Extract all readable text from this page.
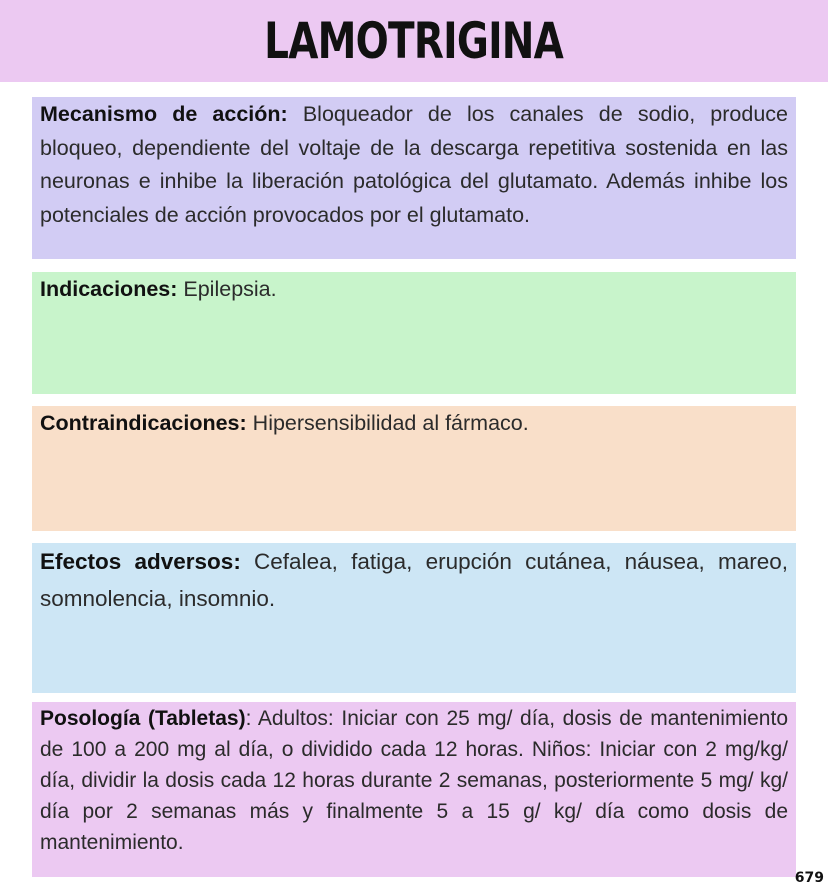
LAMOTRIGINA
Mecanismo de acción: Bloqueador de los canales de sodio, produce bloqueo, dependiente del voltaje de la descarga repetitiva sostenida en las neuronas e inhibe la liberación patológica del glutamato. Además inhibe los potenciales de acción provocados por el glutamato.
Indicaciones: Epilepsia.
Contraindicaciones: Hipersensibilidad al fármaco.
Efectos adversos: Cefalea, fatiga, erupción cutánea, náusea, mareo, somnolencia, insomnio.
Posología (Tabletas): Adultos: Iniciar con 25 mg/ día, dosis de mantenimiento de 100 a 200 mg al día, o dividido cada 12 horas. Niños: Iniciar con 2 mg/kg/ día, dividir la dosis cada 12 horas durante 2 semanas, posteriormente 5 mg/ kg/ día por 2 semanas más y finalmente 5 a 15 g/ kg/ día como dosis de mantenimiento.
679
